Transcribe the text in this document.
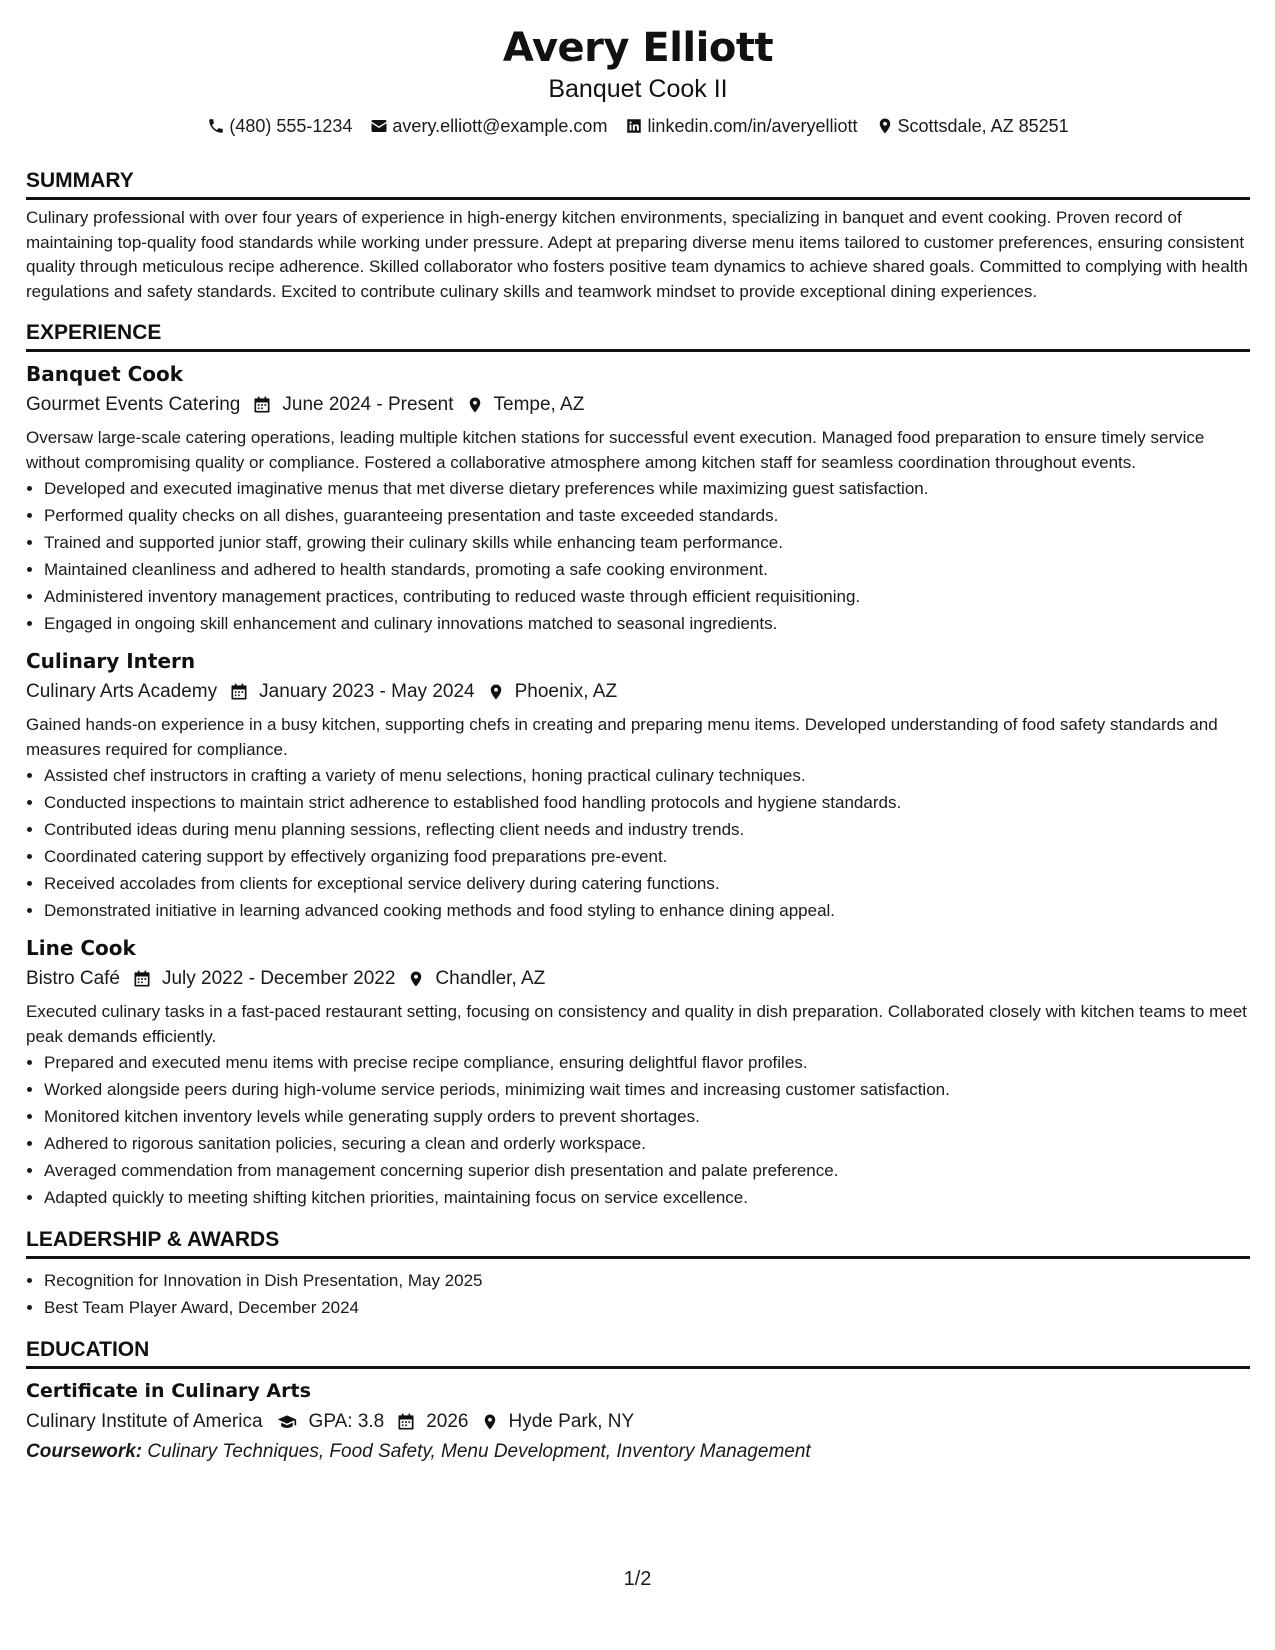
Avery Elliott
Banquet Cook II
(480) 555-1234 avery.elliott@example.com linkedin.com/in/averyelliott Scottsdale, AZ 85251
SUMMARY
Culinary professional with over four years of experience in high-energy kitchen environments, specializing in banquet and event cooking. Proven record of maintaining top-quality food standards while working under pressure. Adept at preparing diverse menu items tailored to customer preferences, ensuring consistent quality through meticulous recipe adherence. Skilled collaborator who fosters positive team dynamics to achieve shared goals. Committed to complying with health regulations and safety standards. Excited to contribute culinary skills and teamwork mindset to provide exceptional dining experiences.
EXPERIENCE
Banquet Cook
Gourmet Events Catering June 2024 - Present Tempe, AZ
Oversaw large-scale catering operations, leading multiple kitchen stations for successful event execution. Managed food preparation to ensure timely service without compromising quality or compliance. Fostered a collaborative atmosphere among kitchen staff for seamless coordination throughout events.
• Developed and executed imaginative menus that met diverse dietary preferences while maximizing guest satisfaction.
• Performed quality checks on all dishes, guaranteeing presentation and taste exceeded standards.
• Trained and supported junior staff, growing their culinary skills while enhancing team performance.
• Maintained cleanliness and adhered to health standards, promoting a safe cooking environment.
• Administered inventory management practices, contributing to reduced waste through efficient requisitioning.
• Engaged in ongoing skill enhancement and culinary innovations matched to seasonal ingredients.
Culinary Intern
Culinary Arts Academy January 2023 - May 2024 Phoenix, AZ
Gained hands-on experience in a busy kitchen, supporting chefs in creating and preparing menu items. Developed understanding of food safety standards and measures required for compliance.
• Assisted chef instructors in crafting a variety of menu selections, honing practical culinary techniques.
• Conducted inspections to maintain strict adherence to established food handling protocols and hygiene standards.
• Contributed ideas during menu planning sessions, reflecting client needs and industry trends.
• Coordinated catering support by effectively organizing food preparations pre-event.
• Received accolades from clients for exceptional service delivery during catering functions.
• Demonstrated initiative in learning advanced cooking methods and food styling to enhance dining appeal.
Line Cook
Bistro Café July 2022 - December 2022 Chandler, AZ
Executed culinary tasks in a fast-paced restaurant setting, focusing on consistency and quality in dish preparation. Collaborated closely with kitchen teams to meet peak demands efficiently.
• Prepared and executed menu items with precise recipe compliance, ensuring delightful flavor profiles.
• Worked alongside peers during high-volume service periods, minimizing wait times and increasing customer satisfaction.
• Monitored kitchen inventory levels while generating supply orders to prevent shortages.
• Adhered to rigorous sanitation policies, securing a clean and orderly workspace.
• Averaged commendation from management concerning superior dish presentation and palate preference.
• Adapted quickly to meeting shifting kitchen priorities, maintaining focus on service excellence.
LEADERSHIP & AWARDS
• Recognition for Innovation in Dish Presentation, May 2025
• Best Team Player Award, December 2024
EDUCATION
Certificate in Culinary Arts
Culinary Institute of America GPA: 3.8 2026 Hyde Park, NY
Coursework: Culinary Techniques, Food Safety, Menu Development, Inventory Management
1/2
